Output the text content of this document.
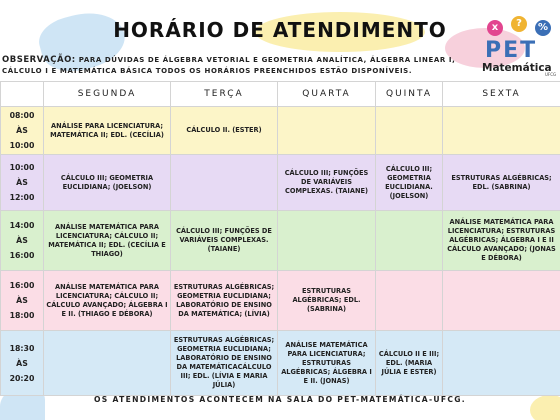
HORÁRIO DE ATENDIMENTO
OBSERVAÇÃO: PARA DÚVIDAS DE ÁLGEBRA VETORIAL E GEOMETRIA ANALÍTICA, ÁLGEBRA LINEAR I, CÁLCULO I E MATEMÁTICA BÁSICA TODOS OS HORÁRIOS PREENCHIDOS ESTÃO DISPONÍVEIS.
x	?	%
PET
Matemática
UFCG
	SEGUNDA	TERÇA	QUARTA	QUINTA	SEXTA
08:00 ÀS
10:00	ANÁLISE PARA LICENCIATURA; MATEMÁTICA II; EDL. (CECÍLIA)	CÁLCULO II. (ESTER)			
10:00 ÀS
12:00	CÁLCULO III; GEOMETRIA EUCLIDIANA; (JOELSON)		CÁLCULO III; FUNÇÕES DE VARIÁVEIS COMPLEXAS. (TAIANE)	CÁLCULO III; GEOMETRIA EUCLIDIANA. (JOELSON)	ESTRUTURAS ALGÉBRICAS; EDL. (SABRINA)
14:00 ÀS
16:00	ANÁLISE MATEMÁTICA PARA LICENCIATURA; CÁLCULO II; MATEMÁTICA II; EDL. (CECÍLIA E THIAGO)	CÁLCULO III; FUNÇÕES DE VARIÁVEIS COMPLEXAS. (TAIANE)			ANÁLISE MATEMÁTICA PARA LICENCIATURA; ESTRUTURAS ALGÉBRICAS; ÁLGEBRA I E II CÁLCULO AVANÇADO; (JONAS E DÉBORA)
16:00 ÀS
18:00	ANÁLISE MATEMÁTICA PARA LICENCIATURA; CÁLCULO II; CÁLCULO AVANÇADO; ÁLGEBRA I E II. (THIAGO E DÉBORA)	ESTRUTURAS ALGÉBRICAS; GEOMETRIA EUCLIDIANA; LABORATÓRIO DE ENSINO DA MATEMÁTICA; (LÍVIA)	ESTRUTURAS ALGÉBRICAS; EDL. (SABRINA)		
18:30 ÀS
20:20		ESTRUTURAS ALGÉBRICAS; GEOMETRIA EUCLIDIANA; LABORATÓRIO DE ENSINO DA MATEMÁTICACÁLCULO III; EDL. (LÍVIA E MARIA JÚLIA)	ANÁLISE MATEMÁTICA PARA LICENCIATURA; ESTRUTURAS ALGÉBRICAS; ÁLGEBRA I E II. (JONAS)	CÁLCULO II E III; EDL. (MARIA JÚLIA E ESTER)	
OS ATENDIMENTOS ACONTECEM NA SALA DO PET-MATEMÁTICA-UFCG.
